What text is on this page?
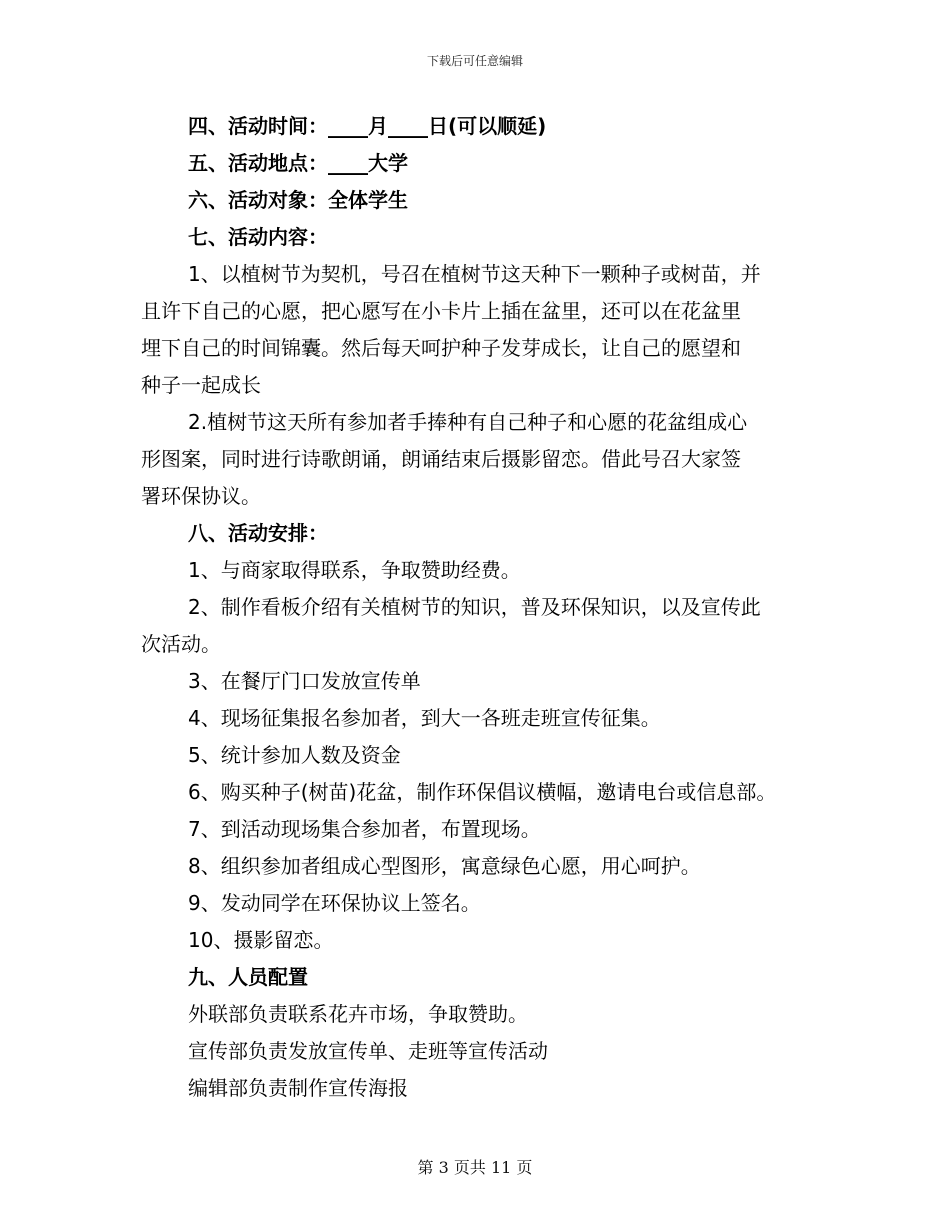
下载后可任意编辑
四、活动时间：____月____日(可以顺延)
五、活动地点：____大学
六、活动对象：全体学生
七、活动内容：
1、以植树节为契机，号召在植树节这天种下一颗种子或树苗，并
且许下自己的心愿，把心愿写在小卡片上插在盆里，还可以在花盆里
埋下自己的时间锦囊。然后每天呵护种子发芽成长，让自己的愿望和
种子一起成长
2.植树节这天所有参加者手捧种有自己种子和心愿的花盆组成心
形图案，同时进行诗歌朗诵，朗诵结束后摄影留恋。借此号召大家签
署环保协议。
八、活动安排：
1、与商家取得联系，争取赞助经费。
2、制作看板介绍有关植树节的知识，普及环保知识，以及宣传此
次活动。
3、在餐厅门口发放宣传单
4、现场征集报名参加者，到大一各班走班宣传征集。
5、统计参加人数及资金
6、购买种子(树苗)花盆，制作环保倡议横幅，邀请电台或信息部。
7、到活动现场集合参加者，布置现场。
8、组织参加者组成心型图形，寓意绿色心愿，用心呵护。
9、发动同学在环保协议上签名。
10、摄影留恋。
九、人员配置
外联部负责联系花卉市场，争取赞助。
宣传部负责发放宣传单、走班等宣传活动
编辑部负责制作宣传海报
第 3 页共 11 页
